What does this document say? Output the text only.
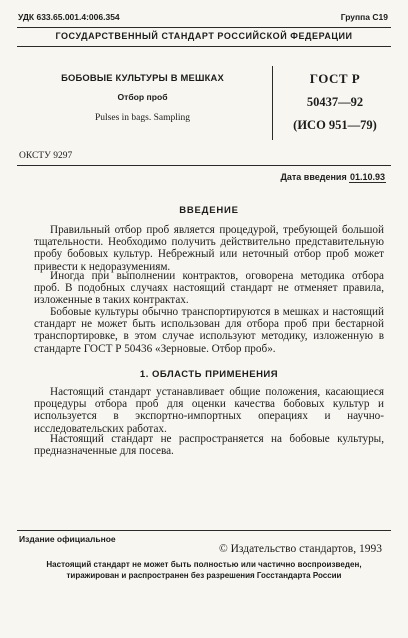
УДК 633.65.001.4:006.354	Группа С19
ГОСУДАРСТВЕННЫЙ СТАНДАРТ РОССИЙСКОЙ ФЕДЕРАЦИИ
БОБОВЫЕ КУЛЬТУРЫ В МЕШКАХ
Отбор проб
Pulses in bags. Sampling
ГОСТ Р
50437—92
(ИСО 951—79)
ОКСТУ 9297
Дата введения 01.10.93
ВВЕДЕНИЕ

Правильный отбор проб является процедурой, требующей большой тщательности. Необходимо получить действительно представительную пробу бобовых культур. Небрежный или неточный отбор проб может привести к недоразумениям.

Иногда при выполнении контрактов, оговорена методика отбора проб. В подобных случаях настоящий стандарт не отменяет правила, изложенные в таких контрактах.

Бобовые культуры обычно транспортируются в мешках и настоящий стандарт не может быть использован для отбора проб при бестарной транспортировке, в этом случае используют методику, изложенную в стандарте ГОСТ Р 50436 «Зерновые. Отбор проб».

1. ОБЛАСТЬ ПРИМЕНЕНИЯ

Настоящий стандарт устанавливает общие положения, касающиеся процедуры отбора проб для оценки качества бобовых культур и используется в экспортно-импортных операциях и научно-исследовательских работах.

Настоящий стандарт не распространяется на бобовые культуры, предназначенные для посева.

Издание официальное
© Издательство стандартов, 1993
Настоящий стандарт не может быть полностью или частично воспроизведен,
тиражирован и распространен без разрешения Госстандарта России
